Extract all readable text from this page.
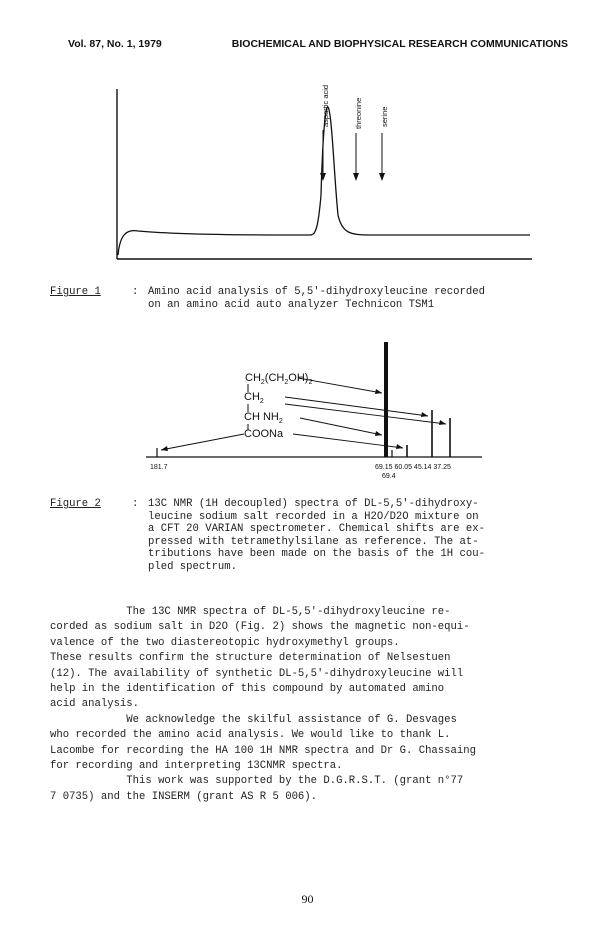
Vol. 87, No. 1, 1979	BIOCHEMICAL AND BIOPHYSICAL RESEARCH COMMUNICATIONS
aspartic acid	threonine serine
Figure 1	: Amino acid analysis of 5,5'-dihydroxyleucine recorded
on an amino acid auto analyzer Technicon TSM1
$CH_2(CH_2OH)_2$
$CH_2$
CH $NH_2$
COONa
181.7	69.15 60.05 45.14 37.25
69.4
Figure 2	: 13C NMR (1H decoupled) spectra of DL-5,5'-dihydroxy-
leucine sodium salt recorded in a H2O/D2O mixture on
a CFT 20 VARIAN spectrometer. Chemical shifts are ex-
pressed with tetramethylsilane as reference. The at-
tributions have been made on the basis of the 1H cou-
pled spectrum.
The 13C NMR spectra of DL-5,5'-dihydroxyleucine re-
corded as sodium salt in D2O (Fig. 2) shows the magnetic non-equi-
valence of the two diastereotopic hydroxymethyl groups.
These results confirm the structure determination of Nelsestuen
(12). The availability of synthetic DL-5,5'-dihydroxyleucine will
help in the identification of this compound by automated amino
acid analysis.
We acknowledge the skilful assistance of G. Desvages
who recorded the amino acid analysis. We would like to thank L.
Lacombe for recording the HA 100 1H NMR spectra and Dr G. Chassaing
for recording and interpreting 13CNMR spectra.
This work was supported by the D.G.R.S.T. (grant n°77
7 0735) and the INSERM (grant AS R 5 006).
90
